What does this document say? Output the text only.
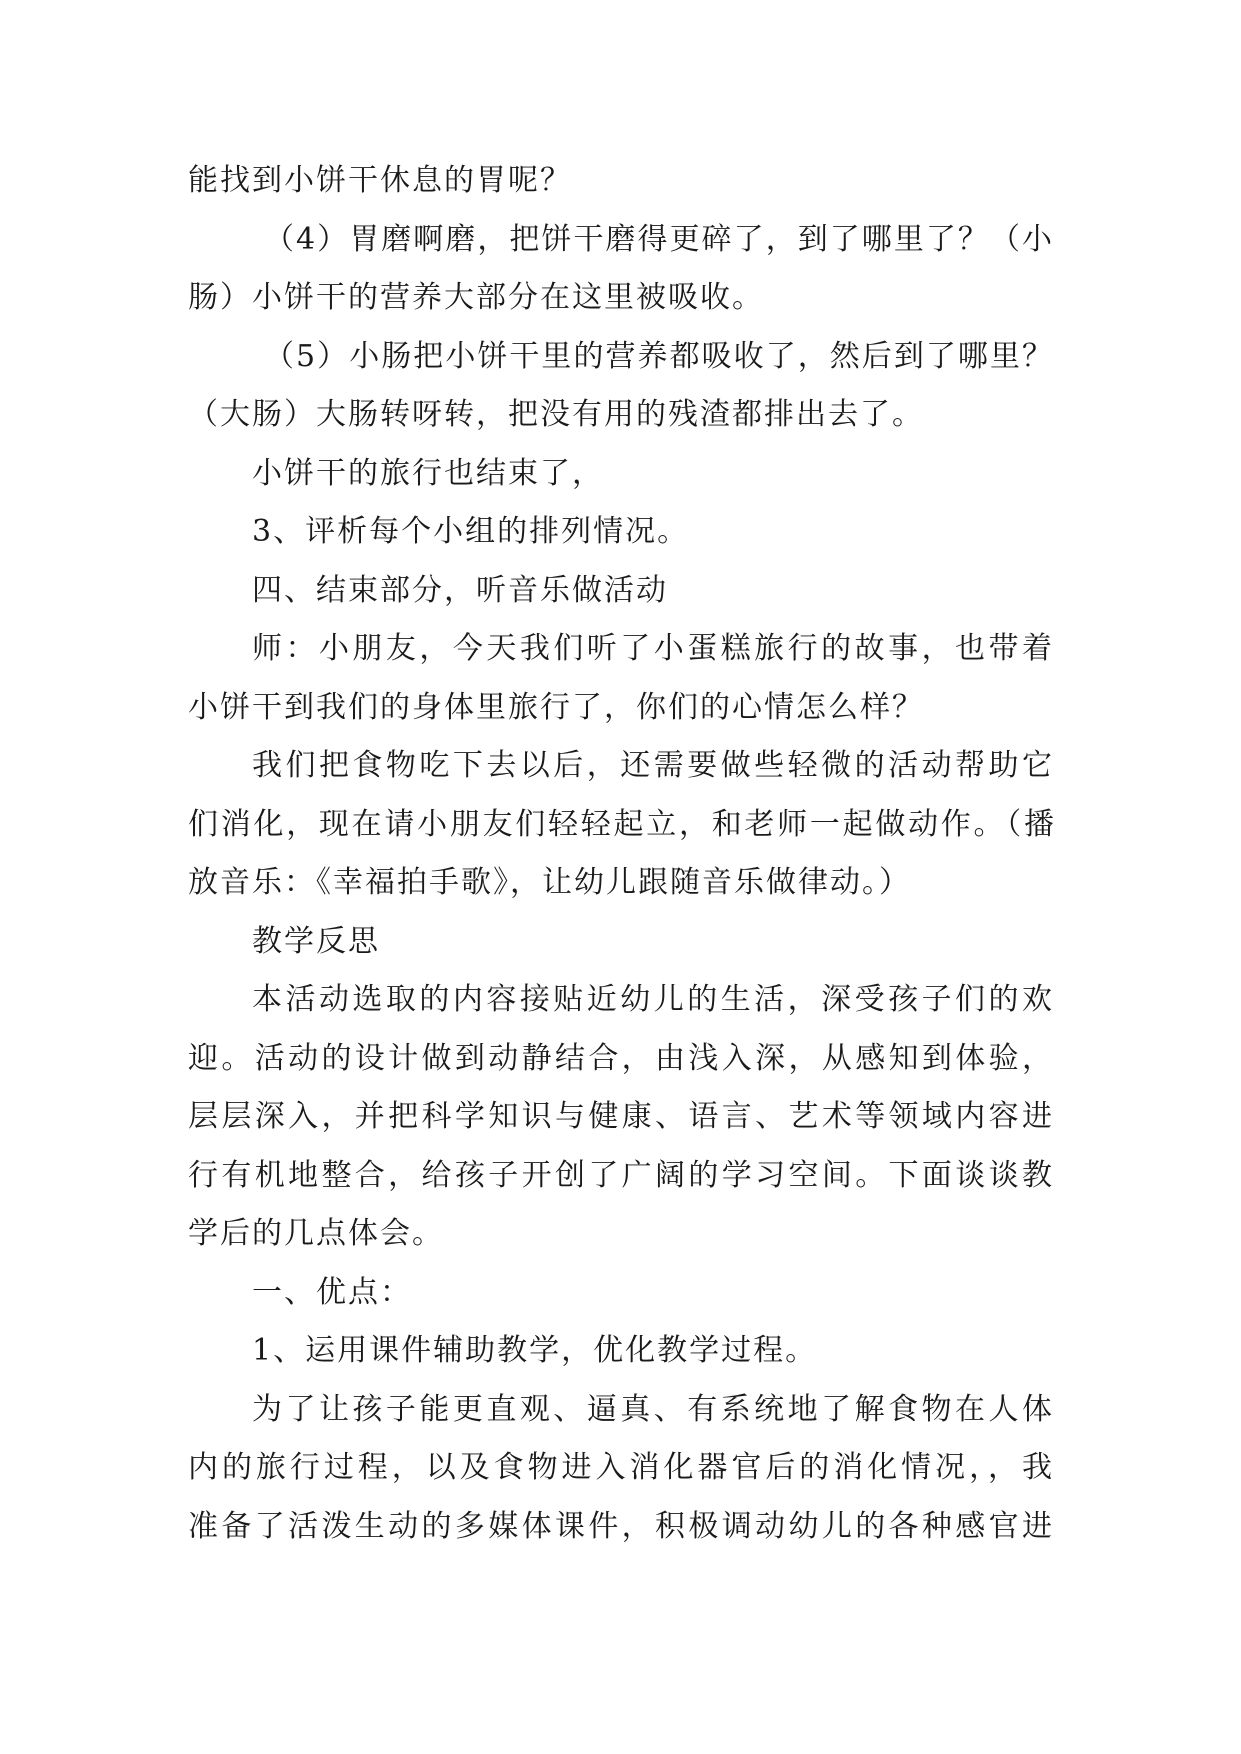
能找到小饼干休息的胃呢？
（4）胃磨啊磨，把饼干磨得更碎了，到了哪里了？（小
肠）小饼干的营养大部分在这里被吸收。
（5）小肠把小饼干里的营养都吸收了，然后到了哪里？
（大肠）大肠转呀转，把没有用的残渣都排出去了。
小饼干的旅行也结束了，
3、评析每个小组的排列情况。
四、结束部分，听音乐做活动
师：小朋友，今天我们听了小蛋糕旅行的故事，也带着
小饼干到我们的身体里旅行了，你们的心情怎么样？
我们把食物吃下去以后，还需要做些轻微的活动帮助它
们消化，现在请小朋友们轻轻起立，和老师一起做动作。（播
放音乐：《幸福拍手歌》，让幼儿跟随音乐做律动。）
教学反思
本活动选取的内容接贴近幼儿的生活，深受孩子们的欢
迎。活动的设计做到动静结合，由浅入深，从感知到体验，
层层深入，并把科学知识与健康、语言、艺术等领域内容进
行有机地整合，给孩子开创了广阔的学习空间。下面谈谈教
学后的几点体会。
一、优点：
1、运用课件辅助教学，优化教学过程。
为了让孩子能更直观、逼真、有系统地了解食物在人体
内的旅行过程，以及食物进入消化器官后的消化情况，，我
准备了活泼生动的多媒体课件，积极调动幼儿的各种感官进
